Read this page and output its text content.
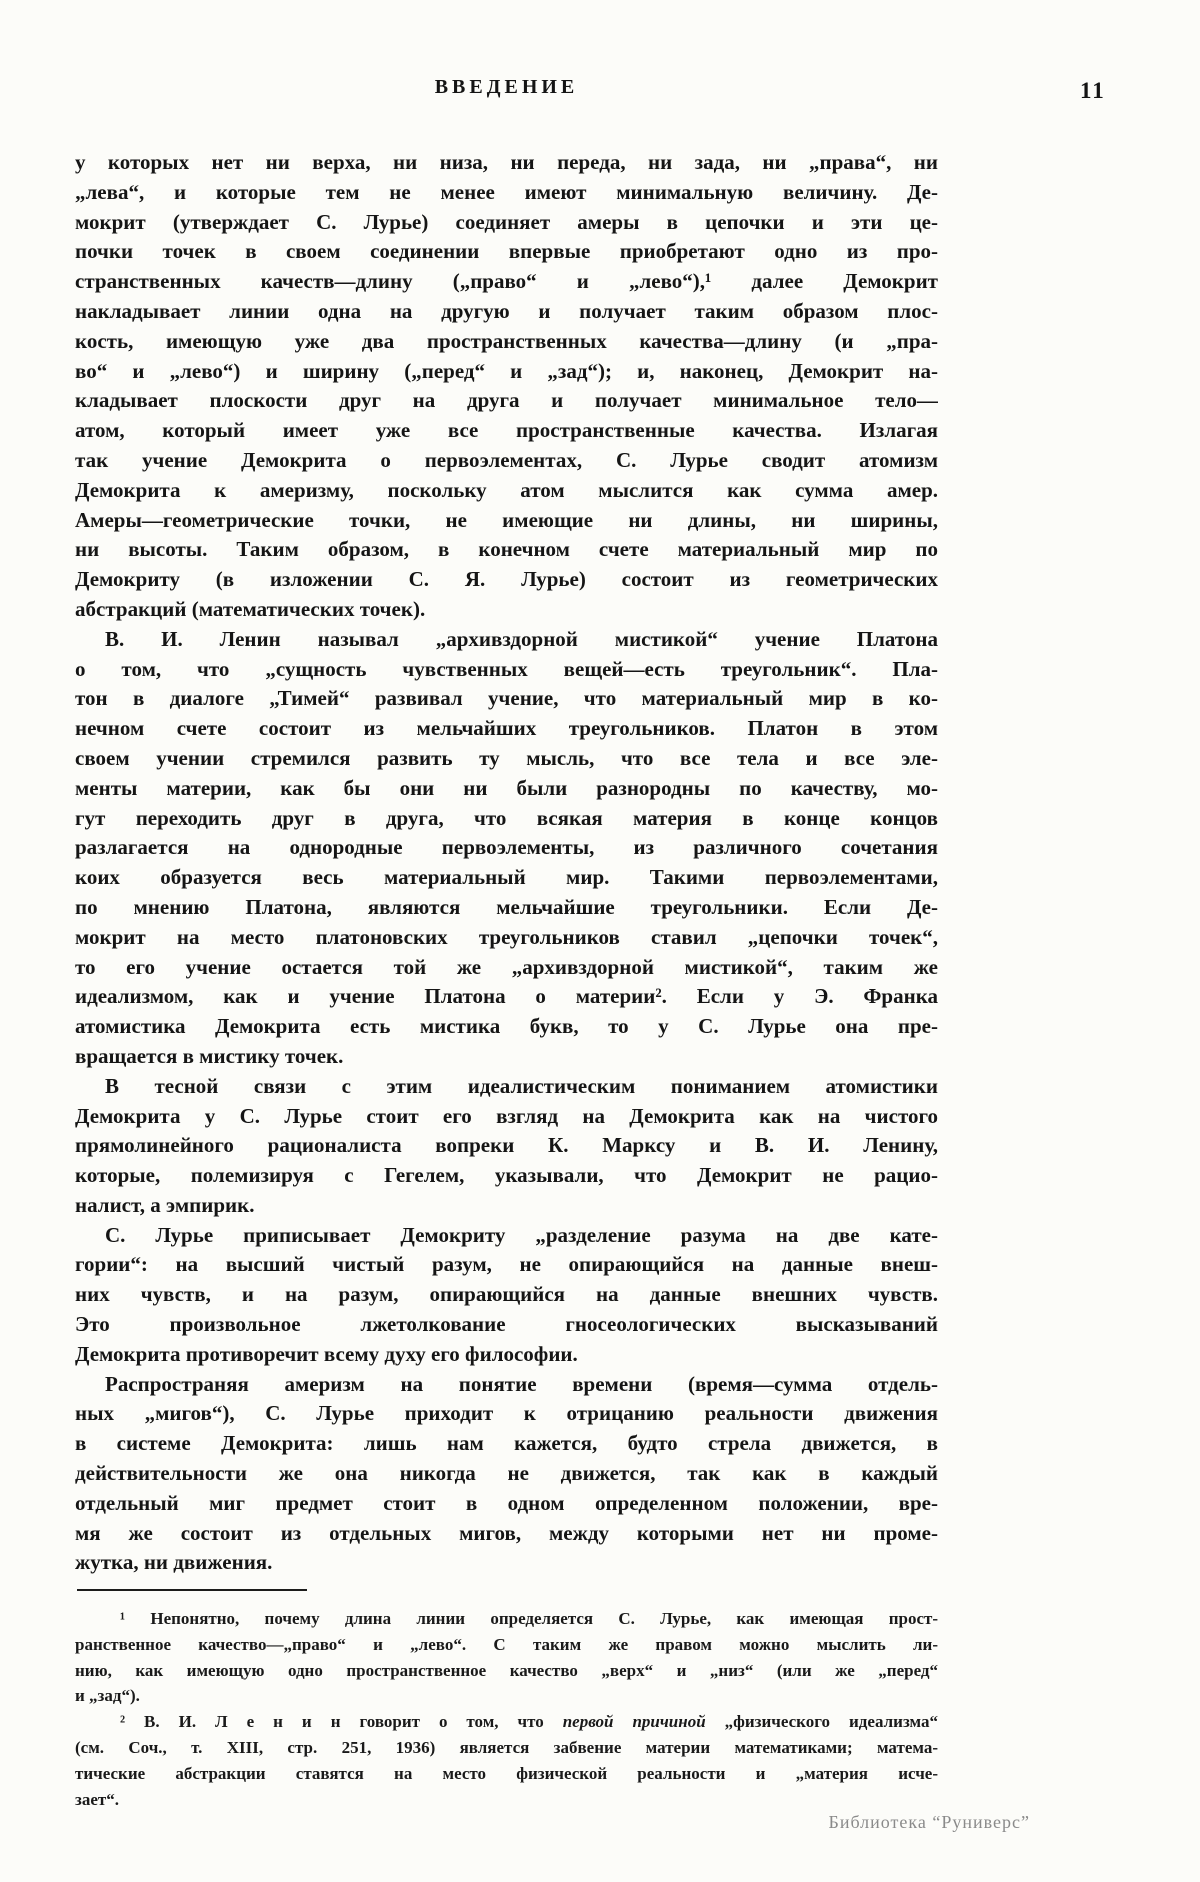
ВВЕДЕНИЕ	11
у которых нет ни верха, ни низа, ни переда, ни зада, ни „права“, ни
„лева“, и которые тем не менее имеют минимальную величину. Де-
мокрит (утверждает С. Лурье) соединяет амеры в цепочки и эти це-
почки точек в своем соединении впервые приобретают одно из про-
странственных качеств—длину („право“ и „лево“),¹ далее Демокрит
накладывает линии одна на другую и получает таким образом плос-
кость, имеющую уже два пространственных качества—длину (и „пра-
во“ и „лево“) и ширину („перед“ и „зад“); и, наконец, Демокрит на-
кладывает плоскости друг на друга и получает минимальное тело—
атом, который имеет уже все пространственные качества. Излагая
так учение Демокрита о первоэлементах, С. Лурье сводит атомизм
Демокрита к америзму, поскольку атом мыслится как сумма амер.
Амеры—геометрические точки, не имеющие ни длины, ни ширины,
ни высоты. Таким образом, в конечном счете материальный мир по
Демокриту (в изложении С. Я. Лурье) состоит из геометрических
абстракций (математических точек).
В. И. Ленин называл „архивздорной мистикой“ учение Платона
о том, что „сущность чувственных вещей—есть треугольник“. Пла-
тон в диалоге „Тимей“ развивал учение, что материальный мир в ко-
нечном счете состоит из мельчайших треугольников. Платон в этом
своем учении стремился развить ту мысль, что все тела и все эле-
менты материи, как бы они ни были разнородны по качеству, мо-
гут переходить друг в друга, что всякая материя в конце концов
разлагается на однородные первоэлементы, из различного сочетания
коих образуется весь материальный мир. Такими первоэлементами,
по мнению Платона, являются мельчайшие треугольники. Если Де-
мокрит на место платоновских треугольников ставил „цепочки точек“,
то его учение остается той же „архивздорной мистикой“, таким же
идеализмом, как и учение Платона о материи². Если у Э. Франка
атомистика Демокрита есть мистика букв, то у С. Лурье она пре-
вращается в мистику точек.
В тесной связи с этим идеалистическим пониманием атомистики
Демокрита у С. Лурье стоит его взгляд на Демокрита как на чистого
прямолинейного рационалиста вопреки К. Марксу и В. И. Ленину,
которые, полемизируя с Гегелем, указывали, что Демокрит не рацио-
налист, а эмпирик.
С. Лурье приписывает Демокриту „разделение разума на две кате-
гории“: на высший чистый разум, не опирающийся на данные внеш-
них чувств, и на разум, опирающийся на данные внешних чувств.
Это произвольное лжетолкование гносеологических высказываний
Демокрита противоречит всему духу его философии.
Распространяя америзм на понятие времени (время—сумма отдель-
ных „мигов“), С. Лурье приходит к отрицанию реальности движения
в системе Демокрита: лишь нам кажется, будто стрела движется, в
действительности же она никогда не движется, так как в каждый
отдельный миг предмет стоит в одном определенном положении, вре-
мя же состоит из отдельных мигов, между которыми нет ни проме-
жутка, ни движения.
¹ Непонятно, почему длина линии определяется С. Лурье, как имеющая прост-
ранственное качество—„право“ и „лево“. С таким же правом можно мыслить ли-
нию, как имеющую одно пространственное качество „верх“ и „низ“ (или же „перед“
и „зад“).
² В. И. Л е н и н говорит о том, что первой причиной „физического идеализма“
(см. Соч., т. XIII, стр. 251, 1936) является забвение материи математиками; матема-
тические абстракции ставятся на место физической реальности и „материя исче-
зает“.
Библиотека “Руниверс”
